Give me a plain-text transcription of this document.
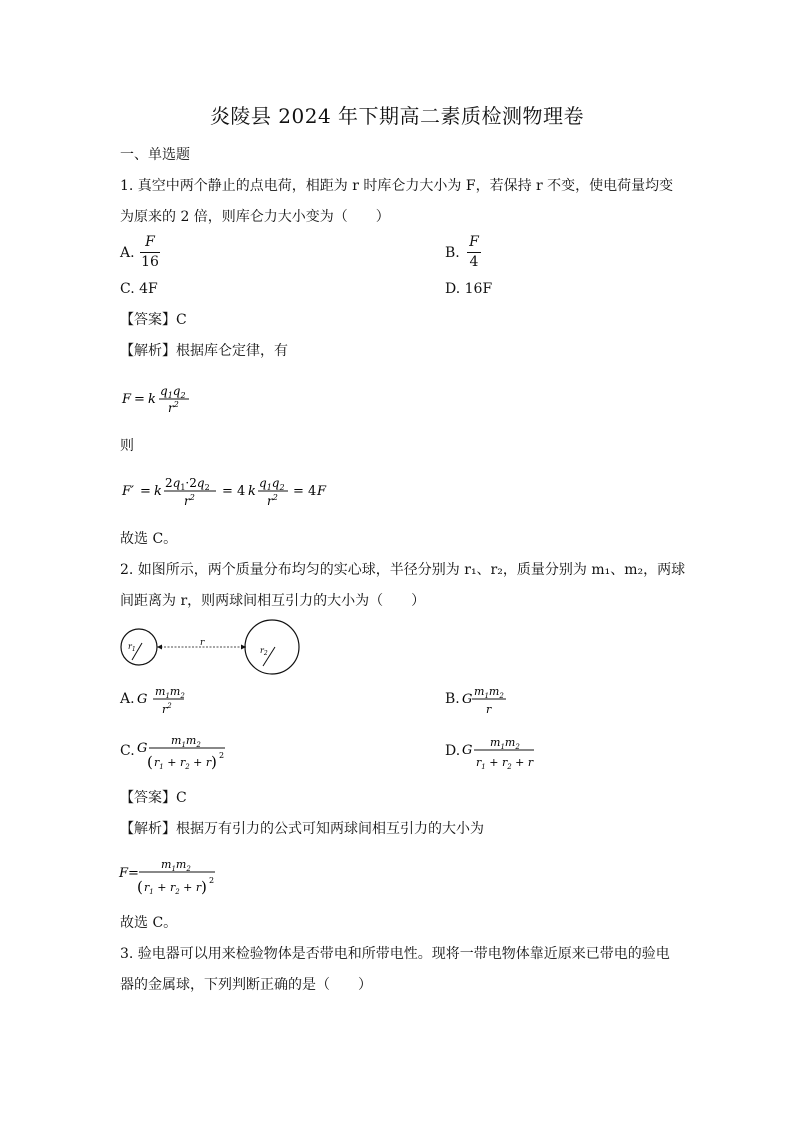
炎陵县 2024 年下期高二素质检测物理卷
一、单选题
1. 真空中两个静止的点电荷，相距为 r 时库仑力大小为 F，若保持 r 不变，使电荷量均变
为原来的 2 倍，则库仑力大小变为（　　）
A.
F
16
B.
F
4
C. 4F	D. 16F
【答案】C
【解析】根据库仑定律，有
F = k
$q_1q_2$
$r^2$
则
F′ = k
$2q_1\cdot 2q_2$
$r^2 = 4$ k
$q_1q_2$
$r^2 = 4$ F
故选 C。
2. 如图所示，两个质量分布均匀的实心球，半径分别为 r₁、r₂，质量分别为 m₁、m₂，两球
间距离为 r，则两球间相互引力的大小为（　　）
$r_1$
r
$r_2$
A. G
$m_1m_2$
$r^2$	B. G
$m_1m_2$
r
C. G
$m_1m_2$
( $r_1 + r_2 + r$ ) 2	D. G
$m_1m_2$
$r_1 + r_2 + r$
【答案】C
【解析】根据万有引力的公式可知两球间相互引力的大小为
F =
$m_1m_2$
( $r_1 + r_2 + r$ ) 2
故选 C。
3. 验电器可以用来检验物体是否带电和所带电性。现将一带电物体靠近原来已带电的验电
器的金属球，下列判断正确的是（　　）
